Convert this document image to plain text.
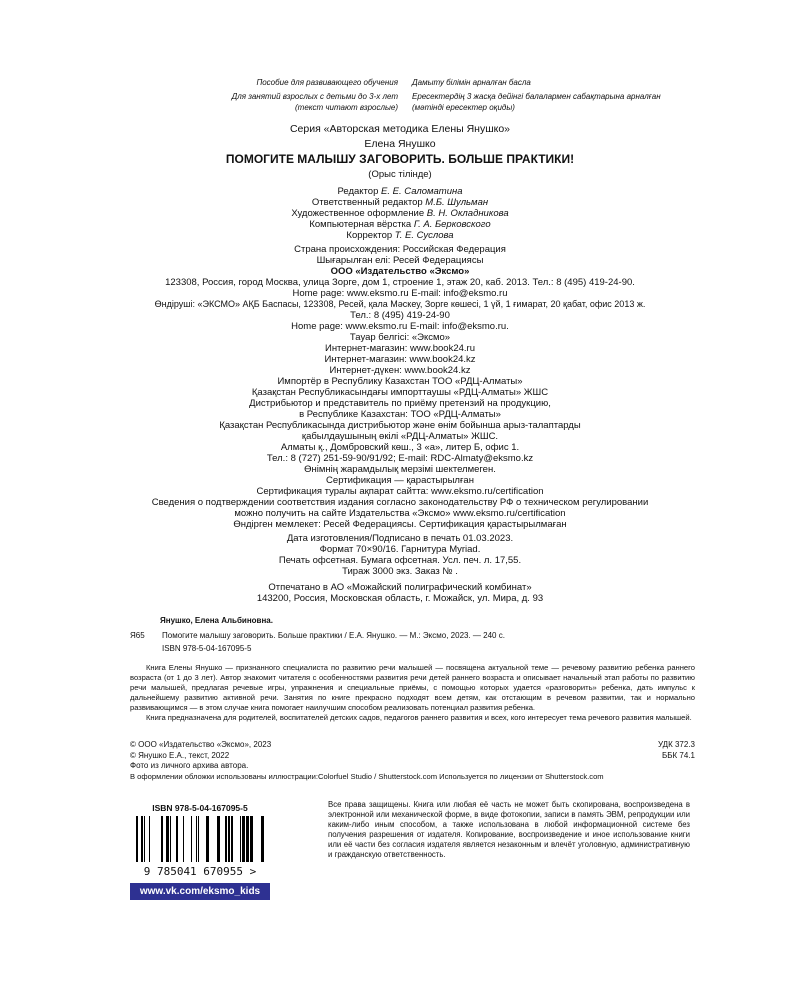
Пособие для развивающего обучения
Для занятий взрослых с детьми до 3-х лет
(текст читают взрослые)
Дамыту білімін арналған басла
Ересектердің 3 жасқа дейінгі балалармен сабақтарына арналған
(мәтінді ересектер оқиды)
Серия «Авторская методика Елены Янушко»
Елена Янушко
ПОМОГИТЕ МАЛЫШУ ЗАГОВОРИТЬ. БОЛЬШЕ ПРАКТИКИ!
(Орыс тілінде)
Редактор Е. Е. Саломатина
Ответственный редактор М.Б. Шульман
Художественное оформление В. Н. Окладникова
Компьютерная вёрстка Г. А. Берковского
Корректор Т. Е. Суслова
Страна происхождения: Российская Федерация
Шығарылған елі: Ресей Федерациясы
ООО «Издательство «Эксмо»
123308, Россия, город Москва, улица Зорге, дом 1, строение 1, этаж 20, каб. 2013. Тел.: 8 (495) 419-24-90.
Home page: www.eksmo.ru E-mail: info@eksmo.ru
Өндіруші: «ЭКСМО» АҚБ Баспасы, 123308, Ресей, қала Мәскеу, Зорге көшесі, 1 үй, 1 ғимарат, 20 қабат, офис 2013 ж.
Тел.: 8 (495) 419-24-90
Home page: www.eksmo.ru E-mail: info@eksmo.ru.
Тауар белгісі: «Эксмо»
Интернет-магазин: www.book24.ru
Интернет-магазин: www.book24.kz
Интернет-дүкен: www.book24.kz
Импортёр в Республику Казахстан ТОО «РДЦ-Алматы»
Қазақстан Республикасындағы импорттаушы «РДЦ-Алматы» ЖШС
Дистрибьютор и представитель по приёму претензий на продукцию,
в Республике Казахстан: ТОО «РДЦ-Алматы»
Қазақстан Республикасында дистрибьютор және өнім бойынша арыз-талаптарды
қабылдаушының өкілі «РДЦ-Алматы» ЖШС.
Алматы қ., Домбровский көш., 3 «а», литер Б, офис 1.
Тел.: 8 (727) 251-59-90/91/92; E-mail: RDC-Almaty@eksmo.kz
Өнімнің жарамдылық мерзімі шектелмеген.
Сертификация — қарастырылған
Сертификация туралы ақпарат сайтта: www.eksmo.ru/certification
Сведения о подтверждении соответствия издания согласно законодательству РФ о техническом регулировании
можно получить на сайте Издательства «Эксмо» www.eksmo.ru/certification
Өндірген мемлекет: Ресей Федерациясы. Сертификация қарастырылмаған
Дата изготовления/Подписано в печать 01.03.2023.
Формат 70×90/16. Гарнитура Myriad.
Печать офсетная. Бумага офсетная. Усл. печ. л. 17,55.
Тираж 3000 экз. Заказ № .
Отпечатано в АО «Можайский полиграфический комбинат»
143200, Россия, Московская область, г. Можайск, ул. Мира, д. 93
Янушко, Елена Альбиновна.
Я65	Помогите малышу заговорить. Больше практики / Е.А. Янушко. — М.: Эксмо, 2023. — 240 с.
ISBN 978-5-04-167095-5
Книга Елены Янушко — признанного специалиста по развитию речи малышей — посвящена актуальной теме — речевому развитию ребенка раннего возраста (от 1 до 3 лет). Автор знакомит читателя с особенностями развития речи детей раннего возраста и описывает начальный этап работы по развитию речи малышей, предлагая речевые игры, упражнения и специальные приёмы, с помощью которых удается «разговорить» ребенка, дать импульс к дальнейшему развитию активной речи. Занятия по книге прекрасно подходят всем детям, как отстающим в речевом развитии, так и нормально развивающимся — в этом случае книга помогает наилучшим способом реализовать потенциал развития ребенка.
Книга предназначена для родителей, воспитателей детских садов, педагогов раннего развития и всех, кого интересует тема речевого развития малышей.
© ООО «Издательство «Эксмо», 2023
© Янушко Е.А., текст, 2022
Фото из личного архива автора.
В оформлении обложки использованы иллюстрации:Colorfuel Studio / Shutterstock.com Используется по лицензии от Shutterstock.com
УДК 372.3
ББК 74.1
ISBN 978-5-04-167095-5
9 785041 670955 >
www.vk.com/eksmo_kids
Все права защищены. Книга или любая её часть не может быть скопирована, воспроизведена в электронной или механической форме, в виде фотокопии, записи в память ЭВМ, репродукции или каким-либо иным способом, а также использована в любой информационной системе без получения разрешения от издателя. Копирование, воспроизведение и иное использование книги или её части без согласия издателя является незаконным и влечёт уголовную, административную и гражданскую ответственность.
